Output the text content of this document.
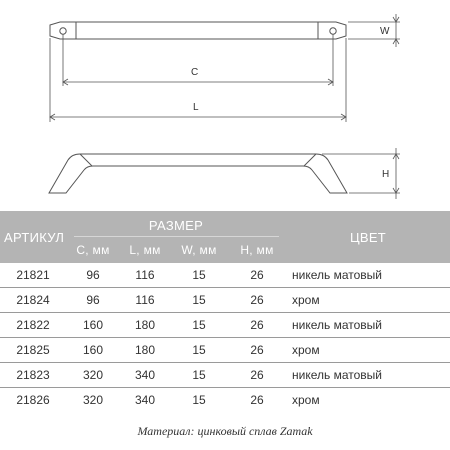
W
C
L
H
АРТИКУЛ	РАЗМЕР				ЦВЕТ
	C, мм	L, мм	W, мм	H, мм	
21821	96	116	15	26	никель матовый
21824	96	116	15	26	хром
21822	160	180	15	26	никель матовый
21825	160	180	15	26	хром
21823	320	340	15	26	никель матовый
21826	320	340	15	26	хром
Материал: цинковый сплав Zamak
